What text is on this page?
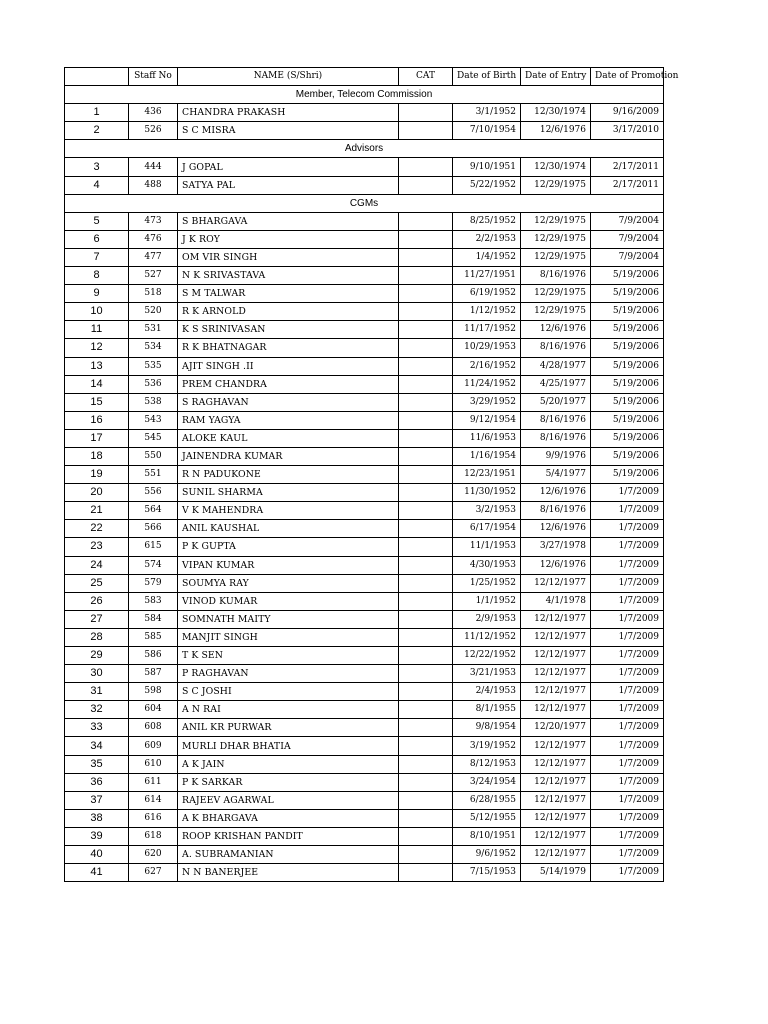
	Staff No	NAME (S/Shri)	CAT	Date of Birth	Date of Entry	Date of Promotion
Member, Telecom Commission						
1	436	CHANDRA PRAKASH		3/1/1952	12/30/1974	9/16/2009
2	526	S C MISRA		7/10/1954	12/6/1976	3/17/2010
Advisors						
3	444	J GOPAL		9/10/1951	12/30/1974	2/17/2011
4	488	SATYA PAL		5/22/1952	12/29/1975	2/17/2011
CGMs						
5	473	S BHARGAVA		8/25/1952	12/29/1975	7/9/2004
6	476	J K ROY		2/2/1953	12/29/1975	7/9/2004
7	477	OM VIR SINGH		1/4/1952	12/29/1975	7/9/2004
8	527	N K SRIVASTAVA		11/27/1951	8/16/1976	5/19/2006
9	518	S M TALWAR		6/19/1952	12/29/1975	5/19/2006
10	520	R K ARNOLD		1/12/1952	12/29/1975	5/19/2006
11	531	K S SRINIVASAN		11/17/1952	12/6/1976	5/19/2006
12	534	R K BHATNAGAR		10/29/1953	8/16/1976	5/19/2006
13	535	AJIT SINGH .II		2/16/1952	4/28/1977	5/19/2006
14	536	PREM CHANDRA		11/24/1952	4/25/1977	5/19/2006
15	538	S RAGHAVAN		3/29/1952	5/20/1977	5/19/2006
16	543	RAM YAGYA		9/12/1954	8/16/1976	5/19/2006
17	545	ALOKE KAUL		11/6/1953	8/16/1976	5/19/2006
18	550	JAINENDRA KUMAR		1/16/1954	9/9/1976	5/19/2006
19	551	R N PADUKONE		12/23/1951	5/4/1977	5/19/2006
20	556	SUNIL SHARMA		11/30/1952	12/6/1976	1/7/2009
21	564	V K MAHENDRA		3/2/1953	8/16/1976	1/7/2009
22	566	ANIL KAUSHAL		6/17/1954	12/6/1976	1/7/2009
23	615	P K GUPTA		11/1/1953	3/27/1978	1/7/2009
24	574	VIPAN KUMAR		4/30/1953	12/6/1976	1/7/2009
25	579	SOUMYA RAY		1/25/1952	12/12/1977	1/7/2009
26	583	VINOD KUMAR		1/1/1952	4/1/1978	1/7/2009
27	584	SOMNATH MAITY		2/9/1953	12/12/1977	1/7/2009
28	585	MANJIT SINGH		11/12/1952	12/12/1977	1/7/2009
29	586	T K SEN		12/22/1952	12/12/1977	1/7/2009
30	587	P RAGHAVAN		3/21/1953	12/12/1977	1/7/2009
31	598	S C JOSHI		2/4/1953	12/12/1977	1/7/2009
32	604	A N RAI		8/1/1955	12/12/1977	1/7/2009
33	608	ANIL KR PURWAR		9/8/1954	12/20/1977	1/7/2009
34	609	MURLI DHAR BHATIA		3/19/1952	12/12/1977	1/7/2009
35	610	A K JAIN		8/12/1953	12/12/1977	1/7/2009
36	611	P K SARKAR		3/24/1954	12/12/1977	1/7/2009
37	614	RAJEEV AGARWAL		6/28/1955	12/12/1977	1/7/2009
38	616	A K BHARGAVA		5/12/1955	12/12/1977	1/7/2009
39	618	ROOP KRISHAN PANDIT		8/10/1951	12/12/1977	1/7/2009
40	620	A. SUBRAMANIAN		9/6/1952	12/12/1977	1/7/2009
41	627	N N BANERJEE		7/15/1953	5/14/1979	1/7/2009
